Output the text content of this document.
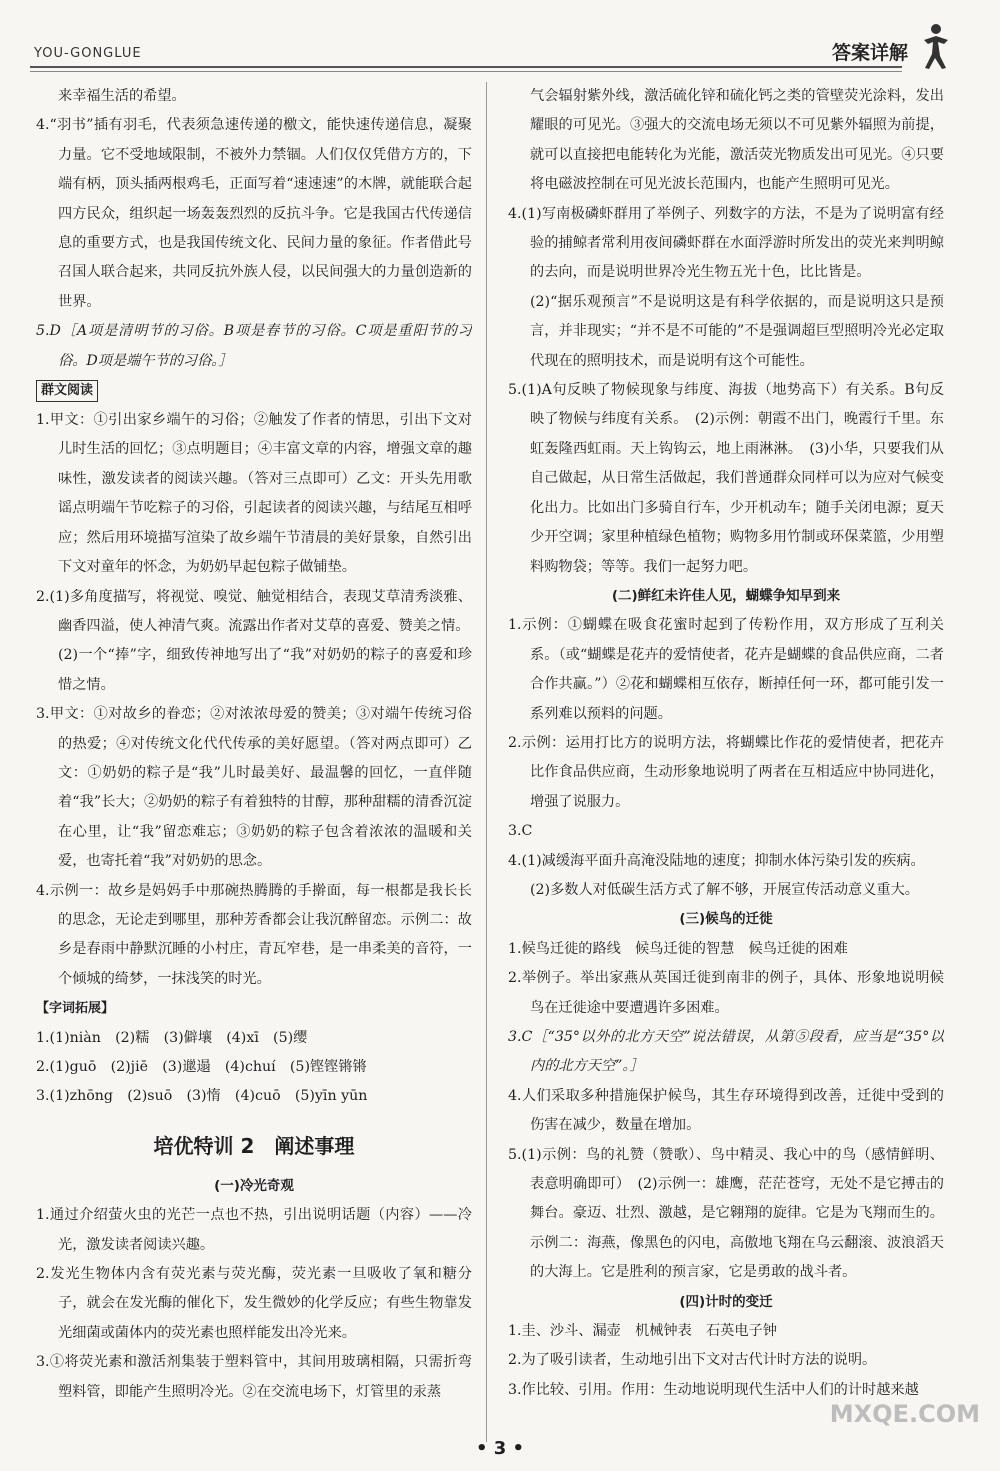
YOU-GONGLUE	答案详解

来幸福生活的希望。

4.“羽书”插有羽毛，代表须急速传递的檄文，能快速传递信息，凝聚力量。它不受地域限制，不被外力禁锢。人们仅仅凭借方方的，下端有柄，顶头插两根鸡毛，正面写着“速速速”的木牌，就能联合起四方民众，组织起一场轰轰烈烈的反抗斗争。它是我国古代传递信息的重要方式，也是我国传统文化、民间力量的象征。作者借此号召国人联合起来，共同反抗外族人侵，以民间强大的力量创造新的世界。

5.D［A项是清明节的习俗。B项是春节的习俗。C项是重阳节的习俗。D项是端午节的习俗。］

群文阅读

1.甲文：①引出家乡端午的习俗；②触发了作者的情思，引出下文对儿时生活的回忆；③点明题目；④丰富文章的内容，增强文章的趣味性，激发读者的阅读兴趣。（答对三点即可）乙文：开头先用歌谣点明端午节吃粽子的习俗，引起读者的阅读兴趣，与结尾互相呼应；然后用环境描写渲染了故乡端午节清晨的美好景象，自然引出下文对童年的怀念，为奶奶早起包粽子做铺垫。

2.(1)多角度描写，将视觉、嗅觉、触觉相结合，表现艾草清秀淡雅、幽香四溢，使人神清气爽。流露出作者对艾草的喜爱、赞美之情。

(2)一个“捧”字，细致传神地写出了“我”对奶奶的粽子的喜爱和珍惜之情。

3.甲文：①对故乡的眷恋；②对浓浓母爱的赞美；③对端午传统习俗的热爱；④对传统文化代代传承的美好愿望。（答对两点即可）乙文：①奶奶的粽子是“我”儿时最美好、最温馨的回忆，一直伴随着“我”长大；②奶奶的粽子有着独特的甘醇，那种甜糯的清香沉淀在心里，让“我”留恋难忘；③奶奶的粽子包含着浓浓的温暖和关爱，也寄托着“我”对奶奶的思念。

4.示例一：故乡是妈妈手中那碗热腾腾的手擀面，每一根都是我长长的思念，无论走到哪里，那种芳香都会让我沉醉留恋。示例二：故乡是春雨中静默沉睡的小村庄，青瓦窄巷，是一串柔美的音符，一个倾城的绮梦，一抹浅笑的时光。

【字词拓展】

1.(1)niàn　(2)糯　(3)僻壤　(4)xī　(5)缨

2.(1)guō　(2)jiē　(3)邋遢　(4)chuí　(5)铿铿锵锵

3.(1)zhōng　(2)suō　(3)惰　(4)cuō　(5)yīn yūn

培优特训 2　阐述事理

(一)冷光奇观

1.通过介绍萤火虫的光芒一点也不热，引出说明话题（内容）——冷光，激发读者阅读兴趣。

2.发光生物体内含有荧光素与荧光酶，荧光素一旦吸收了氧和糖分子，就会在发光酶的催化下，发生微妙的化学反应；有些生物靠发光细菌或菌体内的荧光素也照样能发出冷光来。

3.①将荧光素和激活剂集装于塑料管中，其间用玻璃相隔，只需折弯塑料管，即能产生照明冷光。②在交流电场下，灯管里的汞蒸

气会辐射紫外线，激活硫化锌和硫化钙之类的管壁荧光涂料，发出耀眼的可见光。③强大的交流电场无须以不可见紫外辐照为前提，就可以直接把电能转化为光能，激活荧光物质发出可见光。④只要将电磁波控制在可见光波长范围内，也能产生照明可见光。

4.(1)写南极磷虾群用了举例子、列数字的方法，不是为了说明富有经验的捕鲸者常利用夜间磷虾群在水面浮游时所发出的荧光来判明鲸的去向，而是说明世界冷光生物五光十色，比比皆是。

(2)“据乐观预言”不是说明这是有科学依据的，而是说明这只是预言，并非现实；“并不是不可能的”不是强调超巨型照明冷光必定取代现在的照明技术，而是说明有这个可能性。

5.(1)A句反映了物候现象与纬度、海拔（地势高下）有关系。B句反映了物候与纬度有关系。　(2)示例：朝霞不出门，晚霞行千里。东虹轰隆西虹雨。天上钩钩云，地上雨淋淋。　(3)小华，只要我们从自己做起，从日常生活做起，我们普通群众同样可以为应对气候变化出力。比如出门多骑自行车，少开机动车；随手关闭电源；夏天少开空调；家里种植绿色植物；购物多用竹制或环保菜篮，少用塑料购物袋；等等。我们一起努力吧。

(二)鲜红未许佳人见，蝴蝶争知早到来

1.示例：①蝴蝶在吸食花蜜时起到了传粉作用，双方形成了互利关系。（或“蝴蝶是花卉的爱情使者，花卉是蝴蝶的食品供应商，二者合作共赢。”）②花和蝴蝶相互依存，断掉任何一环，都可能引发一系列难以预料的问题。

2.示例：运用打比方的说明方法，将蝴蝶比作花的爱情使者，把花卉比作食品供应商，生动形象地说明了两者在互相适应中协同进化，增强了说服力。

3.C

4.(1)减缓海平面升高淹没陆地的速度；抑制水体污染引发的疾病。

(2)多数人对低碳生活方式了解不够，开展宣传活动意义重大。

(三)候鸟的迁徙

1.候鸟迁徙的路线　候鸟迁徙的智慧　候鸟迁徙的困难

2.举例子。举出家燕从英国迁徙到南非的例子，具体、形象地说明候鸟在迁徙途中要遭遇许多困难。

3.C［“35°以外的北方天空”说法错误，从第⑤段看，应当是“35°以内的北方天空”。］

4.人们采取多种措施保护候鸟，其生存环境得到改善，迁徙中受到的伤害在减少，数量在增加。

5.(1)示例：鸟的礼赞（赞歌）、鸟中精灵、我心中的鸟（感情鲜明、表意明确即可）　(2)示例一：雄鹰，茫茫苍穹，无处不是它搏击的舞台。豪迈、壮烈、激越，是它翱翔的旋律。它是为飞翔而生的。示例二：海燕，像黑色的闪电，高傲地飞翔在乌云翻滚、波浪滔天的大海上。它是胜利的预言家，它是勇敢的战斗者。

(四)计时的变迁

1.圭、沙斗、漏壶　机械钟表　石英电子钟

2.为了吸引读者，生动地引出下文对古代计时方法的说明。

3.作比较、引用。作用：生动地说明现代生活中人们的计时越来越

• 3 •
MXQE.COM
